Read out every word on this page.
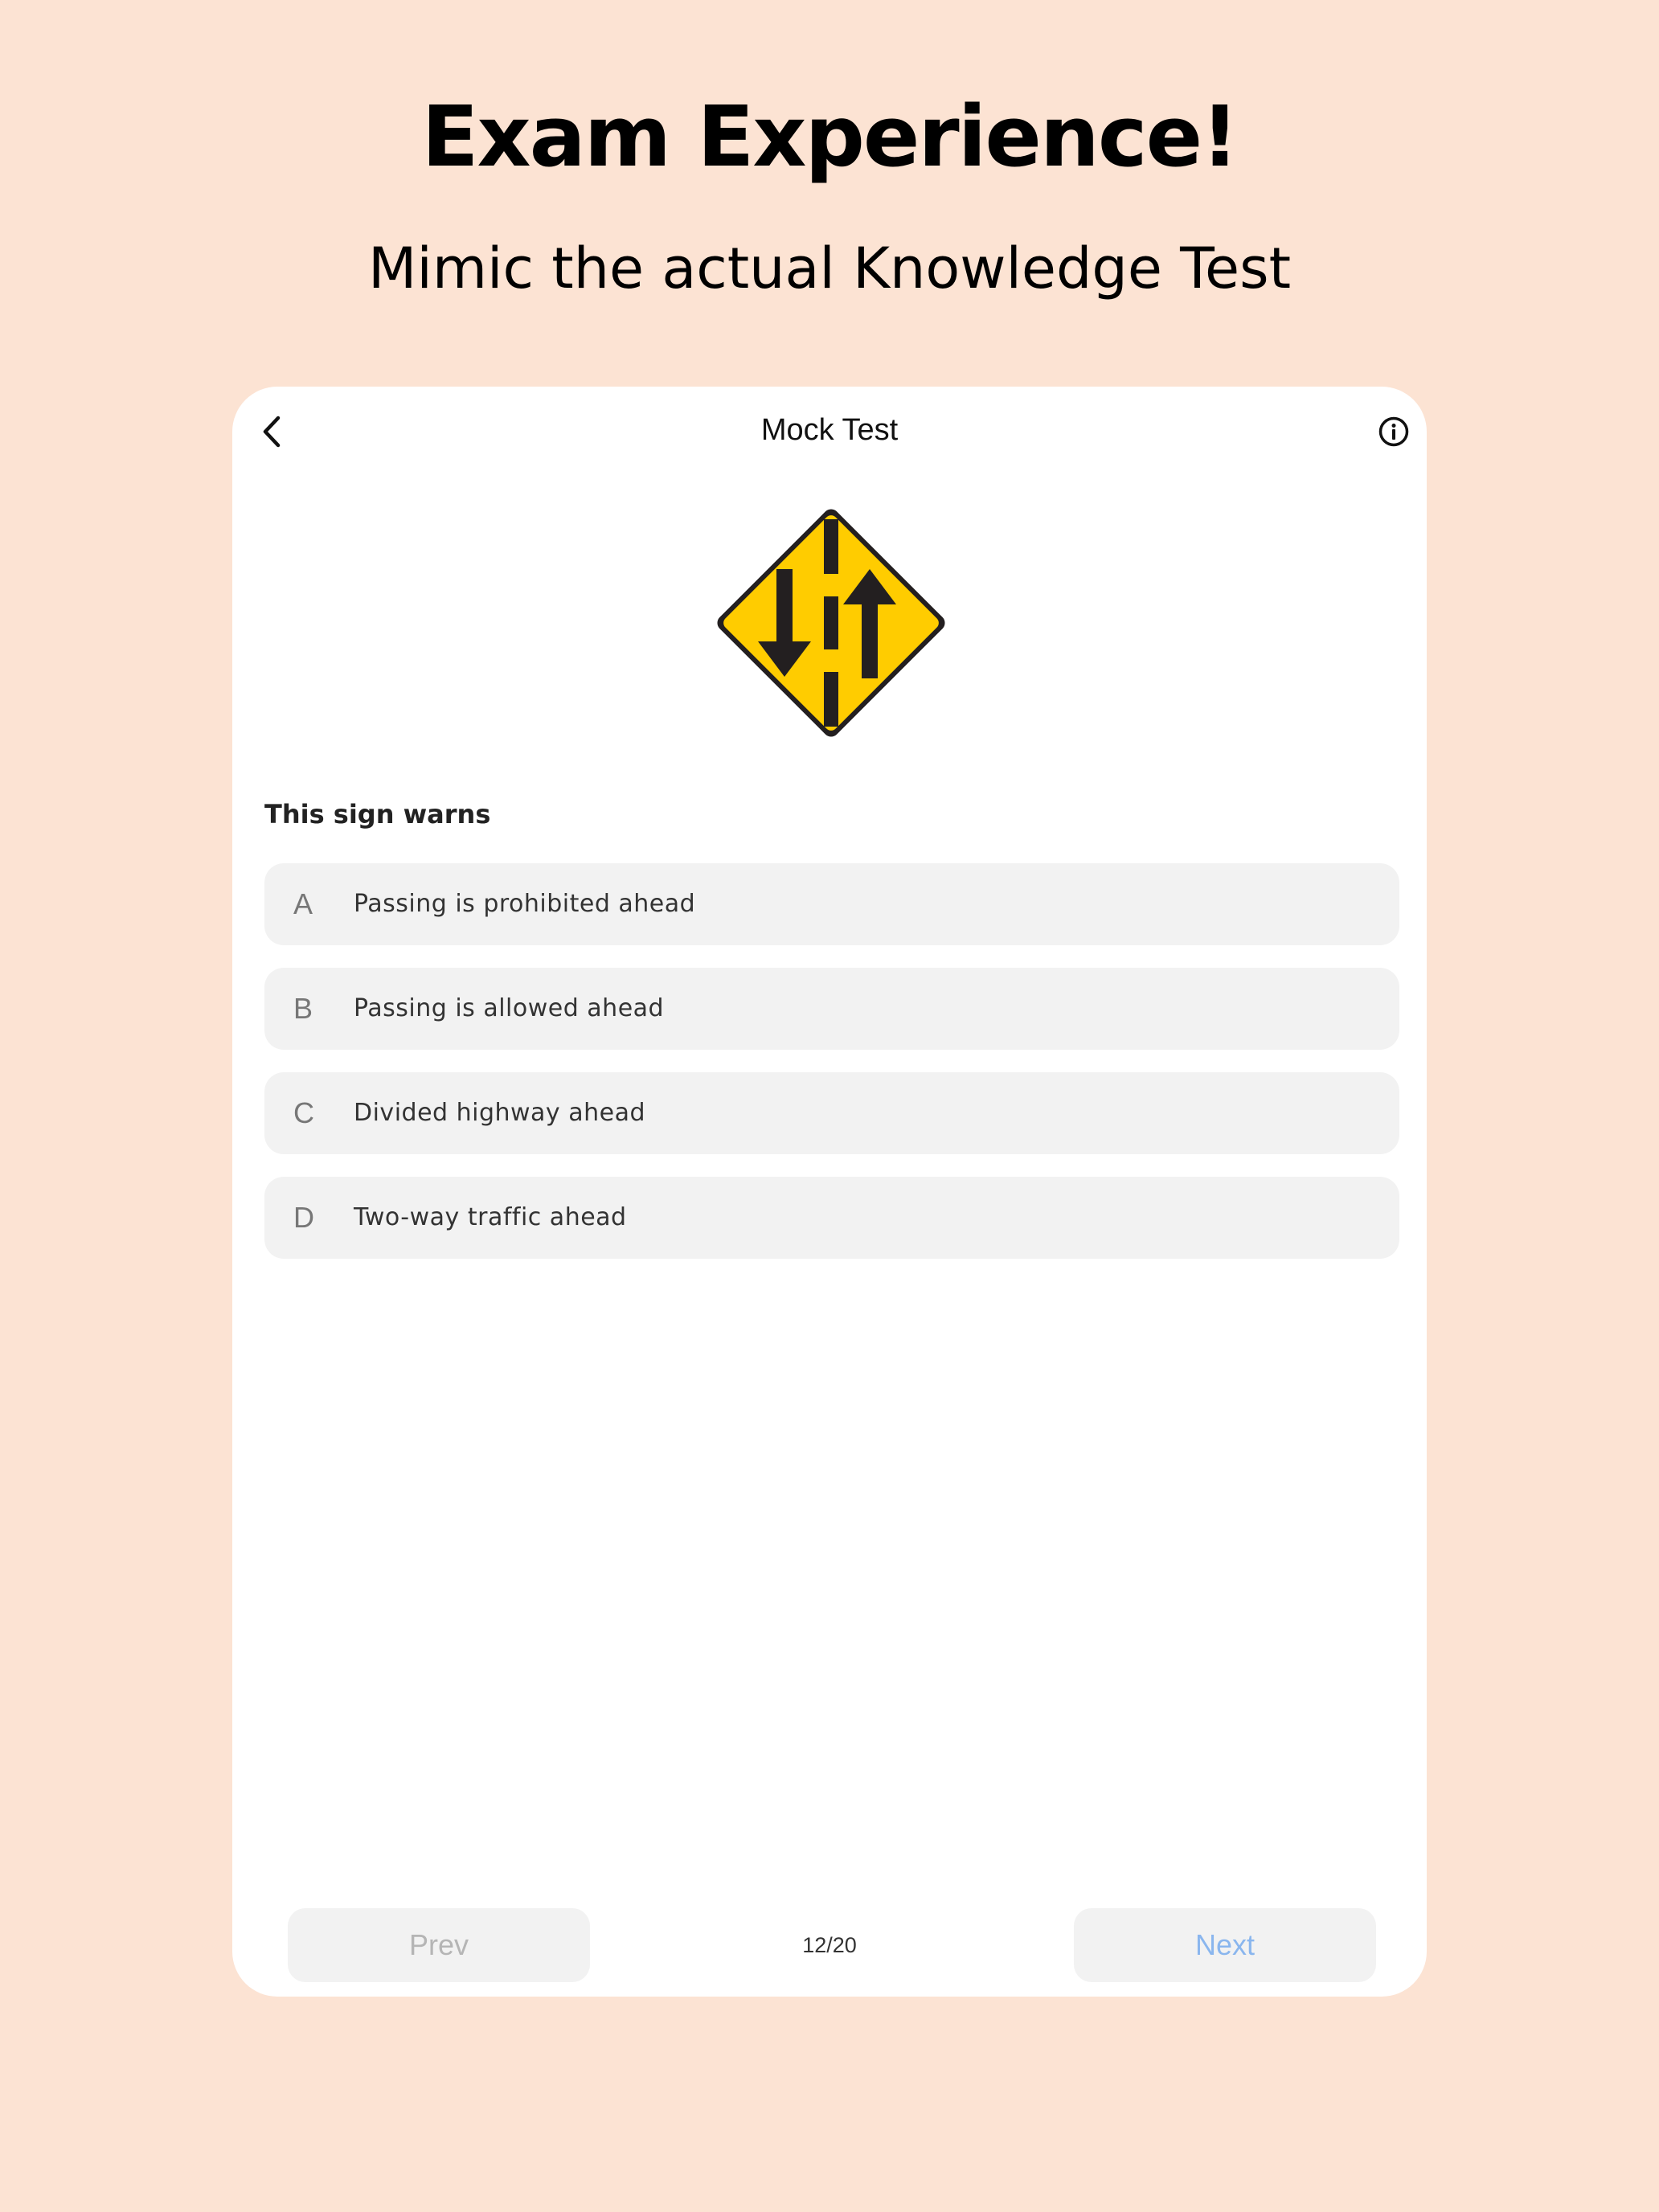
Exam Experience!
Mimic the actual Knowledge Test
Mock Test
This sign warns
A Passing is prohibited ahead
B Passing is allowed ahead
C Divided highway ahead
D Two-way traffic ahead
12/20
Prev	Next
